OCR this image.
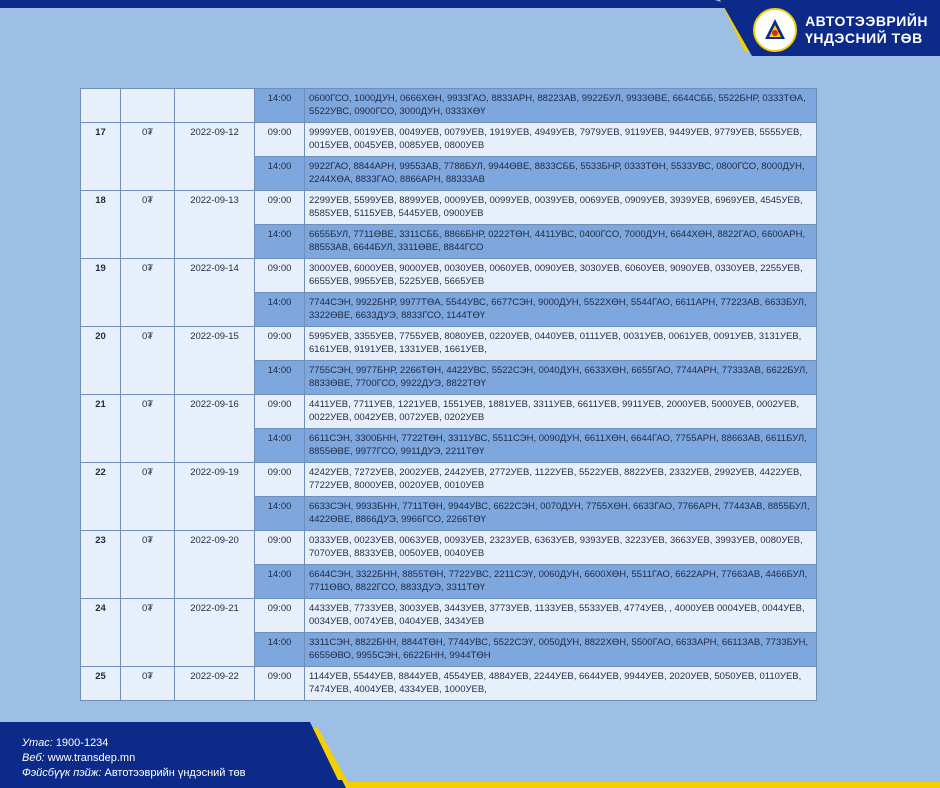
АВТОТЭЭВРИЙН
ҮНДЭСНИЙ ТӨВ
			14:00	0600ГСО, 1000ДУН, 0666ХӨН, 9933ГАО, 8833АРН, 88223АВ, 9922БУЛ, 9933ӨВЕ, 6644СББ, 5522БНР, 0333ТӨА, 5522УВС, 0900ГСО, 3000ДУН, 0333ХӨҮ
17	0₮	2022-09-12	09:00	9999УЕВ, 0019УЕВ, 0049УЕВ, 0079УЕВ, 1919УЕВ, 4949УЕВ, 7979УЕВ, 9119УЕВ, 9449УЕВ, 9779УЕВ, 5555УЕВ, 0015УЕВ, 0045УЕВ, 0085УЕВ, 0800УЕВ
			14:00	9922ГАО, 8844АРН, 99553АВ, 7788БУЛ, 9944ӨВЕ, 8833СББ, 5533БНР, 0333ТӨН, 5533УВС, 0800ГСО, 8000ДУН, 2244ХӨА, 8833ГАО, 8866АРН, 88333АВ
18	0₮	2022-09-13	09:00	2299УЕВ, 5599УЕВ, 8899УЕВ, 0009УЕВ, 0099УЕВ, 0039УЕВ, 0069УЕВ, 0909УЕВ, 3939УЕВ, 6969УЕВ, 4545УЕВ, 8585УЕВ, 5115УЕВ, 5445УЕВ, 0900УЕВ
			14:00	6655БУЛ, 7711ӨВЕ, 3311СББ, 8866БНР, 0222ТӨН, 4411УВС, 0400ГСО, 7000ДУН, 6644ХӨН, 8822ГАО, 6600АРН, 88553АВ, 6644БУЛ, 3311ӨВЕ, 8844ГСО
19	0₮	2022-09-14	09:00	3000УЕВ, 6000УЕВ, 9000УЕВ, 0030УЕВ, 0060УЕВ, 0090УЕВ, 3030УЕВ, 6060УЕВ, 9090УЕВ, 0330УЕВ, 2255УЕВ, 6655УЕВ, 9955УЕВ, 5225УЕВ, 5665УЕВ
			14:00	7744СЭН, 9922БНР, 9977ТӨА, 5544УВС, 6677СЭН, 9000ДУН, 5522ХӨН, 5544ГАО, 6611АРН, 77223АВ, 6633БУЛ, 3322ӨВЕ, 6633ДУЭ, 8833ГСО, 1144ТӨҮ
20	0₮	2022-09-15	09:00	5995УЕВ, 3355УЕВ, 7755УЕВ, 8080УЕВ, 0220УЕВ, 0440УЕВ, 0111УЕВ, 0031УЕВ, 0061УЕВ, 0091УЕВ, 3131УЕВ, 6161УЕВ, 9191УЕВ, 1331УЕВ, 1661УЕВ,
			14:00	7755СЭН, 9977БНР, 2266ТӨН, 4422УВС, 5522СЭН, 0040ДУН, 6633ХӨН, 6655ГАО, 7744АРН, 77333АВ, 6622БУЛ, 8833ӨВЕ, 7700ГСО, 9922ДУЭ, 8822ТӨҮ
21	0₮	2022-09-16	09:00	4411УЕВ, 7711УЕВ, 1221УЕВ, 1551УЕВ, 1881УЕВ, 3311УЕВ, 6611УЕВ, 9911УЕВ, 2000УЕВ, 5000УЕВ, 0002УЕВ, 0022УЕВ, 0042УЕВ, 0072УЕВ, 0202УЕВ
			14:00	6611СЭН, 3300БНН, 7722ТӨН, 3311УВС, 5511СЭН, 0090ДУН, 6611ХӨН, 6644ГАО, 7755АРН, 88663АВ, 6611БУЛ, 8855ӨВЕ, 9977ГСО, 9911ДУЭ, 2211ТӨҮ
22	0₮	2022-09-19	09:00	4242УЕВ, 7272УЕВ, 2002УЕВ, 2442УЕВ, 2772УЕВ, 1122УЕВ, 5522УЕВ, 8822УЕВ, 2332УЕВ, 2992УЕВ, 4422УЕВ, 7722УЕВ, 8000УЕВ, 0020УЕВ, 0010УЕВ
			14:00	6633СЭН, 9933БНН, 7711ТӨН, 9944УВС, 6622СЭН, 0070ДУН, 7755ХӨН, 6633ГАО, 7766АРН, 77443АВ, 8855БУЛ, 4422ӨВЕ, 8866ДУЭ, 9966ГСО, 2266ТӨҮ
23	0₮	2022-09-20	09:00	0333УЕВ, 0023УЕВ, 0063УЕВ, 0093УЕВ, 2323УЕВ, 6363УЕВ, 9393УЕВ, 3223УЕВ, 3663УЕВ, 3993УЕВ, 0080УЕВ, 7070УЕВ, 8833УЕВ, 0050УЕВ, 0040УЕВ
			14:00	6644СЭН, 3322БНН, 8855ТӨН, 7722УВС, 2211СЭҮ, 0060ДУН, 6600ХӨН, 5511ГАО, 6622АРН, 77663АВ, 4466БУЛ, 7711ӨВО, 8822ГСО, 8833ДУЭ, 3311ТӨҮ
24	0₮	2022-09-21	09:00	4433УЕВ, 7733УЕВ, 3003УЕВ, 3443УЕВ, 3773УЕВ, 1133УЕВ, 5533УЕВ, 4774УЕВ, , 4000УЕВ 0004УЕВ, 0044УЕВ, 0034УЕВ, 0074УЕВ, 0404УЕВ, 3434УЕВ
			14:00	3311СЭН, 8822БНН, 8844ТӨН, 7744УВС, 5522СЭҮ, 0050ДУН, 8822ХӨН, 5500ГАО, 6633АРН, 66113АВ, 7733БУН, 6655ӨВО, 9955СЭН, 6622БНН, 9944ТӨН
25	0₮	2022-09-22	09:00	1144УЕВ, 5544УЕВ, 8844УЕВ, 4554УЕВ, 4884УЕВ, 2244УЕВ, 6644УЕВ, 9944УЕВ, 2020УЕВ, 5050УЕВ, 0110УЕВ, 7474УЕВ, 4004УЕВ, 4334УЕВ, 1000УЕВ,
Утас: 1900-1234
Веб: www.transdep.mn
Фэйсбүүк пэйж: Автотээврийн үндэсний төв
